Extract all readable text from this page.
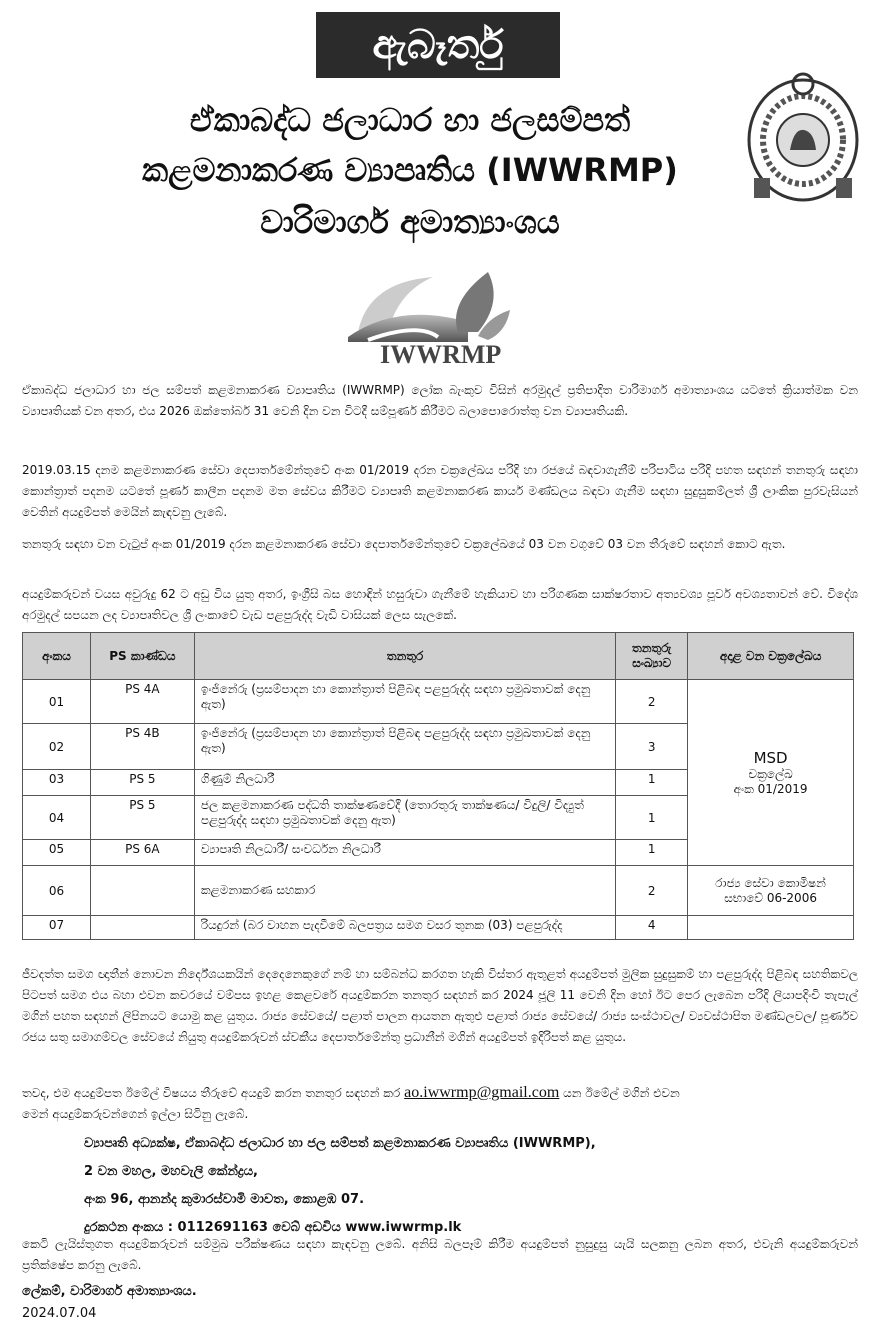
ඇබෑර්තු
ඒකාබද්ධ ජලාධාර හා ජලසම්පත්
කළමනාකරණ ව්‍යාපෘතිය (IWWRMP)
වාරිමාර්ග අමාත්‍යාංශය
IWWRMP
ඒකාබද්ධ ජලාධාර හා ජල සම්පත් කළමනාකරණ ව්‍යාපෘතිය (IWWRMP) ලෝක බැංකුව විසින් අරමුදල් ප්‍රතිපාදිත වාරිමාර්ග අමාත්‍යාංශය යටතේ ක්‍රියාත්මක වන ව්‍යාපෘතියක් වන අතර, එය 2026 ඔක්තෝබර් 31 වෙනි දින වන විටදී සම්පූර්ණ කිරීමට බලාපොරොත්තු වන ව්‍යාපෘතියකි.
2019.03.15 දනම කළමනාකරණ සේවා දෙපාර්තමේන්තුවේ අංක 01/2019 දරන චක්‍රලේඛය පරිදි හා රජයේ බඳවාගැනීම් පරිපාටිය පරිදි පහත සඳහන් තනතුරු සඳහා කොන්ත්‍රාත් පදනම යටතේ පූර්ණ කාලීන පදනම මත සේවය කිරීමට ව්‍යාපෘති කළමනාකරණ කාර්ය මණ්ඩලය බඳවා ගැනීම සඳහා සුදුසුකම්ලත් ශ්‍රී ලාංකික පුරවැසියන් වෙතින් අයදුම්පත් මෙයින් කැඳවනු ලැබේ.
තනතුරු සඳහා වන වැටුප් අංක 01/2019 දරන කළමනාකරණ සේවා දෙපාර්තමේන්තුවේ චක්‍රලේඛයේ 03 වන වගුවේ 03 වන තීරුවේ සඳහන් කොට ඇත.
අයදුම්කරුවන් වයස අවුරුදු 62 ට අඩු විය යුතු අතර, ඉංග්‍රීසි බස හොඳින් හසුරුවා ගැනීමේ හැකියාව හා පරිගණක සාක්ෂරතාව අත්‍යවශ්‍ය පූර්ව අවශ්‍යතාවන් වේ. විදේශ අරමුදල් සපයන ලද ව්‍යාපෘතිවල ශ්‍රී ලංකාවේ වැඩ පළපුරුද්ද වැඩි වාසියක් ලෙස සැලකේ.
අංකය	PS කාණ්ඩය	තනතුර	තනතුරු සංඛ්‍යාව	අදාළ වන චක්‍රලේඛය
01	PS 4A	ඉංජිනේරු (ප්‍රසම්පාදන හා කොන්ත්‍රාත් පිළිබඳ පළපුරුද්ද සඳහා ප්‍රමුඛතාවක් දෙනු ඇත)	2	MSD
චක්‍රලේඛ
අංක 01/2019

02	PS 4B	ඉංජිනේරු (ප්‍රසම්පාදන හා කොන්ත්‍රාත් පිළිබඳ පළපුරුද්ද සඳහා ප්‍රමුඛතාවක් දෙනු ඇත)	3	
03	PS 5	ගිණුම් නිලධාරී	1	
04	PS 5	ජල කළමනාකරණ පද්ධති තාක්ෂණවේදී (තොරතුරු තාක්ෂණය/ විදුලි/ විද්‍යුත් පළපුරුද්ද සඳහා ප්‍රමුඛතාවක් දෙනු ඇත)	1	
05	PS 6A	ව්‍යාපෘති නිලධාරී/ සංවර්ධන නිලධාරී	1	
06		කළමනාකරණ සහකාර	2	රාජ්‍ය සේවා කොමිෂන්
සභාවේ 06-2006

07		රියදුරන් (බර වාහන පැදවීමේ බලපත්‍රය සමග වසර තුනක (03) පළපුරුද්ද	4	
ජීවදත්ත සමග ඥාතීන් නොවන නිර්දේශයකයින් දෙදෙනෙකුගේ නම් හා සම්බන්ධ කරගත හැකි විස්තර ඇතුළත් අයදුම්පත් මුලික සුදුසුකම් හා පළපුරුද්ද පිළිබඳ සහතිකවල පිටපත් සමග එය බහා එවන කවරයේ වම්පස ඉහළ කෙළවරේ අයදුම්කරන තනතුර සඳහන් කර 2024 ජූලි 11 වෙනි දින හෝ ඊට පෙර ලැබෙන පරිදි ලියාපදිංචි තැපැල් මගින් පහත සඳහන් ලිපිනයට යොමු කළ යුතුය. රාජ්‍ය සේවයේ/ පළාත් පාලන ආයතන ඇතුළු පළාත් රාජ්‍ය සේවයේ/ රාජ්‍ය සංස්ථාවල/ ව්‍යවස්ථාපිත මණ්ඩලවල/ පූර්ණව රජය සතු සමාගම්වල සේවයේ නියුතු අයදුම්කරුවන් ස්වකීය දෙපාර්තමේන්තු ප්‍රධානීන් මගින් අයදුම්පත් ඉදිරිපත් කළ යුතුය.
තවද, එම අයදුම්පත ඊමේල් විෂයය තීරුවේ අයදුම් කරන තනතුර සඳහන් කර ao.iwwrmp@gmail.com යන ඊමේල් මගින් එවන
මෙන් අයදුම්කරුවන්ගෙන් ඉල්ලා සිටිනු ලැබේ.
ව්‍යාපෘති අධ්‍යක්ෂ, ඒකාබද්ධ ජලාධාර හා ජල සම්පත් කළමනාකරණ ව්‍යාපෘතිය (IWWRMP),
2 වන මහල, මහවැලි කේන්ද්‍රය,
අංක 96, ආනන්ද කුමාරස්වාමි මාවත, කොළඹ 07.
දුරකථන අංකය : 0112691163 වෙබ් අඩවිය www.iwwrmp.lk
කෙටි ලැයිස්තුගත අයදුම්කරුවන් සම්මුඛ පරීක්ෂණය සඳහා කැඳවනු ලබේ. අනිසි බලපෑම් කිරීම අයදුම්පත් නුසුදුසු යැයි සලකනු ලබන අතර, එවැනි අයදුම්කරුවන් ප්‍රතික්ෂේප කරනු ලැබේ.
ලේකම්, වාරිමාර්ග අමාත්‍යාංශය.
2024.07.04
